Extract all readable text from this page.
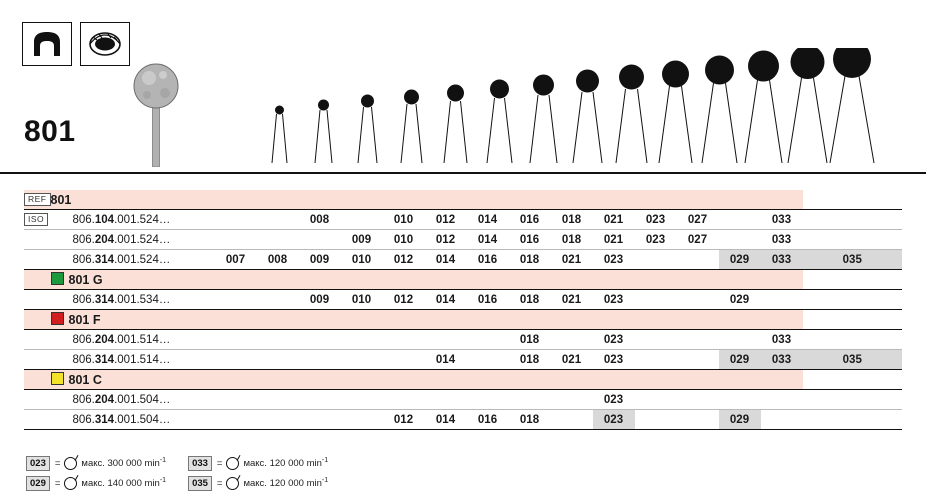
801
REF	801																	
ISO		806.104.001.524…				008		010	012	014	016	018	021	023	027		033	
		806.204.001.524…					009	010	012	014	016	018	021	023	027		033	
		806.314.001.524…		007	008	009	010	012	014	016	018	021	023			029	033	035
	801 G																	
		806.314.001.534…				009	010	012	014	016	018	021	023			029		
	801 F																	
		806.204.001.514…									018		023				033	
		806.314.001.514…							014		018	021	023			029	033	035
	801 C																	
		806.204.001.504…											023					
		806.314.001.504…						012	014	016	018		023			029		
023 = макс. 300 000 $\min^{-1}$	033 = макс. 120 000 $\min^{-1}$
029 = макс. 140 000 $\min^{-1}$	035 = макс. 120 000 $\min^{-1}$
